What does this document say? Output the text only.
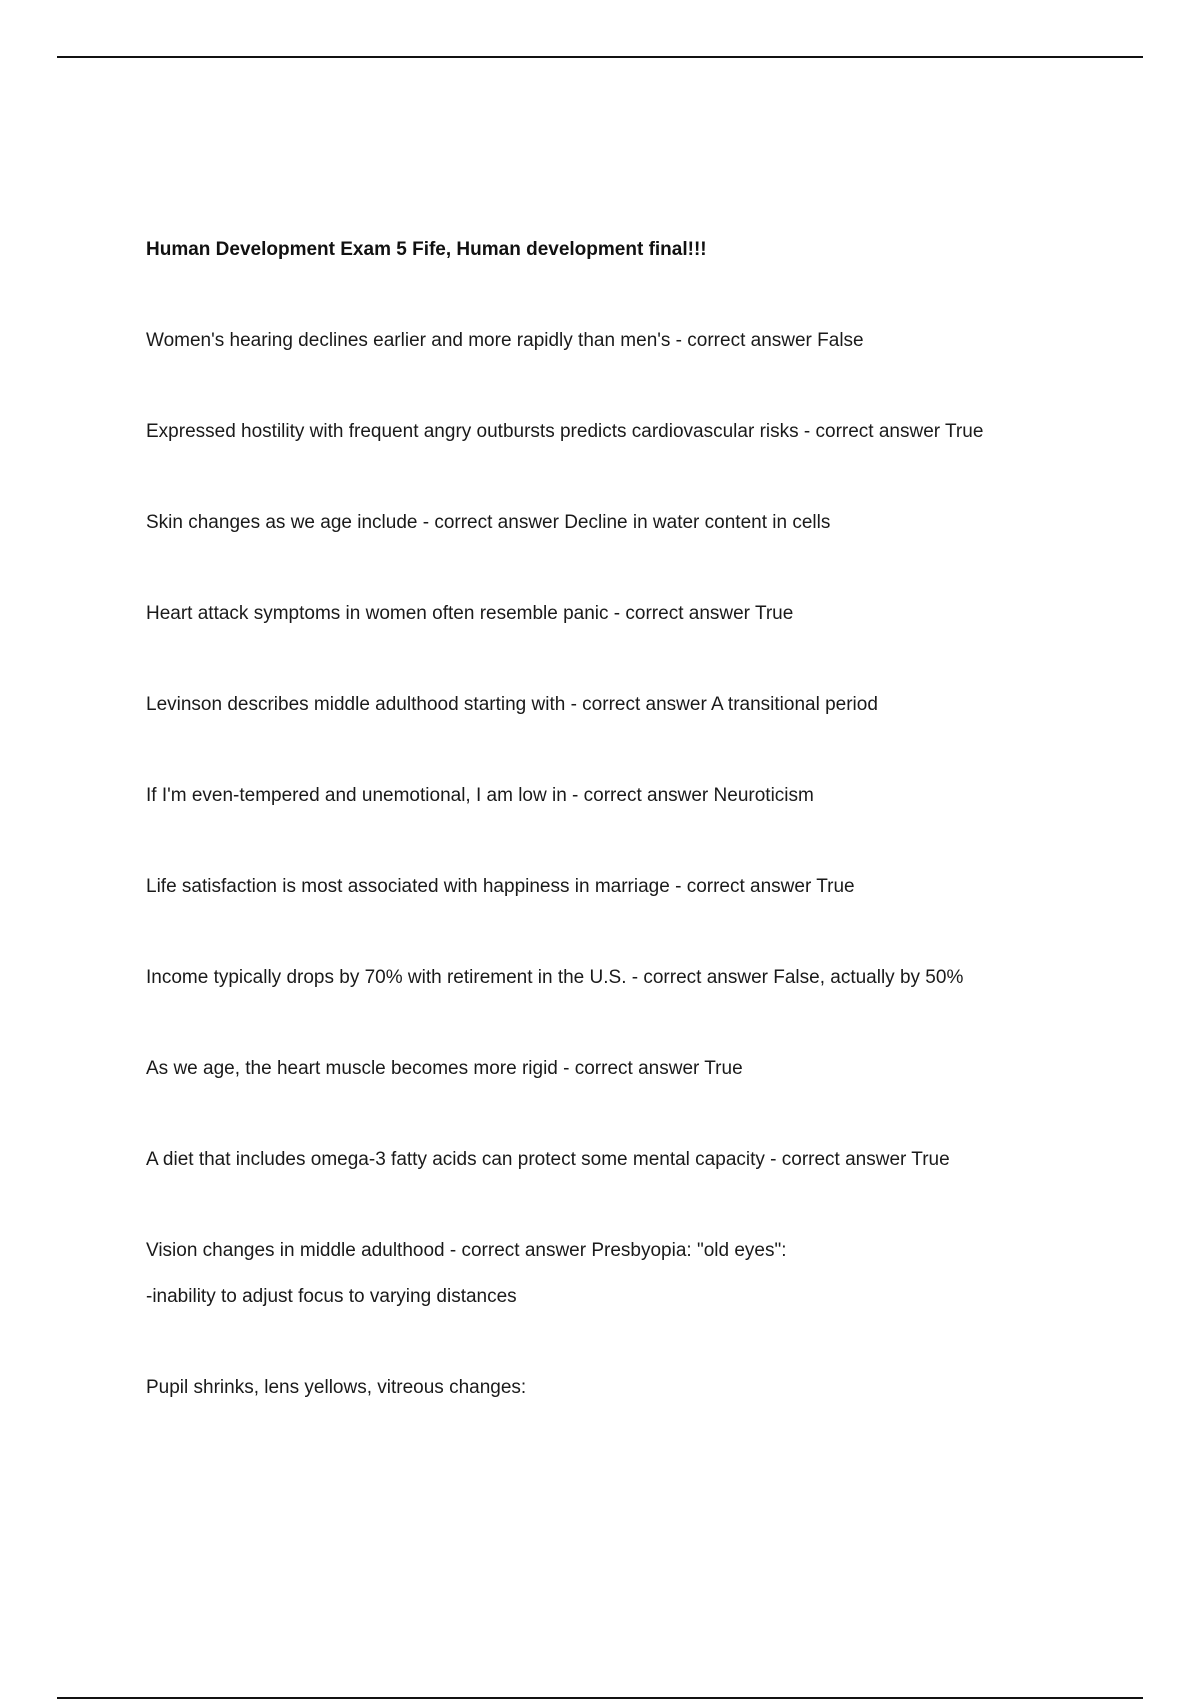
Human Development Exam 5 Fife, Human development final!!!
Women's hearing declines earlier and more rapidly than men's - correct answer False
Expressed hostility with frequent angry outbursts predicts cardiovascular risks - correct answer True
Skin changes as we age include - correct answer Decline in water content in cells
Heart attack symptoms in women often resemble panic - correct answer True
Levinson describes middle adulthood starting with - correct answer A transitional period
If I'm even-tempered and unemotional, I am low in - correct answer Neuroticism
Life satisfaction is most associated with happiness in marriage - correct answer True
Income typically drops by 70% with retirement in the U.S. - correct answer False, actually by 50%
As we age, the heart muscle becomes more rigid - correct answer True
A diet that includes omega-3 fatty acids can protect some mental capacity - correct answer True
Vision changes in middle adulthood - correct answer Presbyopia: "old eyes":
-inability to adjust focus to varying distances
Pupil shrinks, lens yellows, vitreous changes:
